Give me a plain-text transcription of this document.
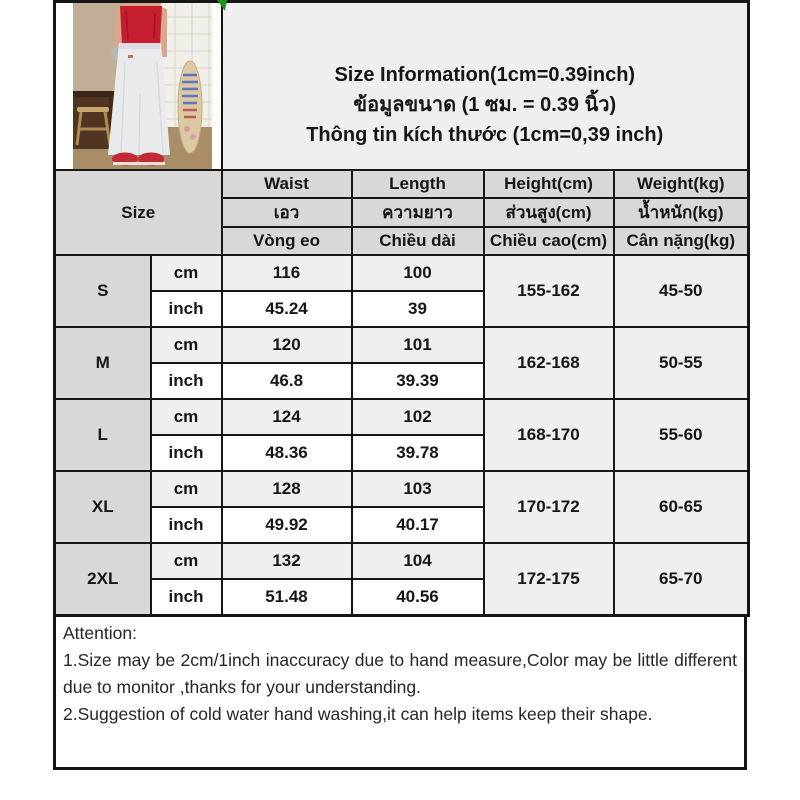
Size Information(1cm=0.39inch)
ข้อมูลขนาด (1 ซม. = 0.39 นิ้ว)
Thông tin kích thước (1cm=0,39 inch)			

Size		Waist	Length	Height(cm)	Weight(kg)
		เอว	ความยาว	ส่วนสูง(cm)	น้ำหนัก(kg)
		Vòng eo	Chiều dài	Chiều cao(cm)	Cân nặng(kg)
S	cm	116	100	155-162	45-50
	inch	45.24	39		
M	cm	120	101	162-168	50-55
	inch	46.8	39.39		
L	cm	124	102	168-170	55-60
	inch	48.36	39.78		
XL	cm	128	103	170-172	60-65
	inch	49.92	40.17		
2XL	cm	132	104	172-175	65-70
	inch	51.48	40.56		
Attention:
1.Size may be 2cm/1inch inaccuracy due to hand measure,Color may be little different due to monitor ,thanks for your understanding.
2.Suggestion of cold water hand washing,it can help items keep their shape.
